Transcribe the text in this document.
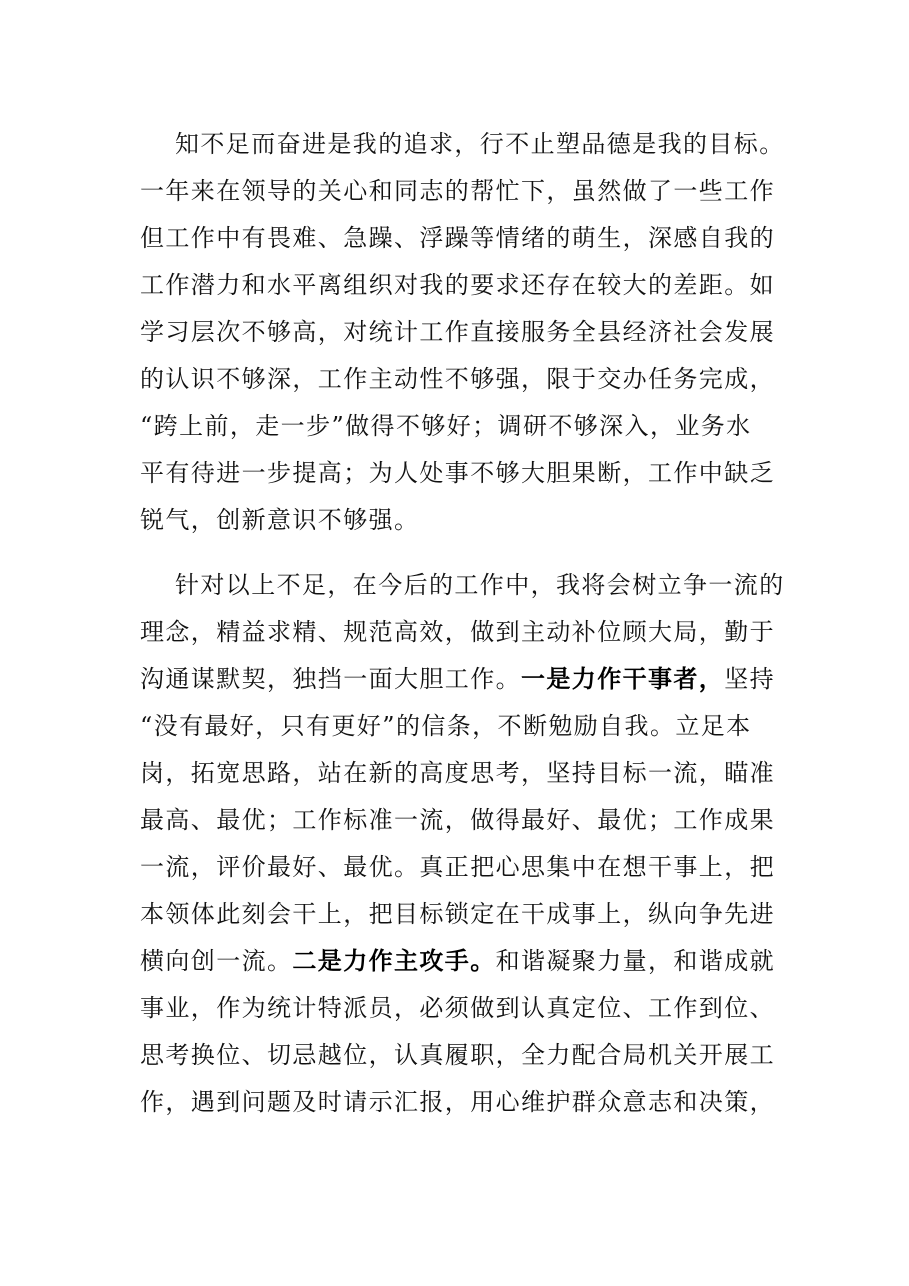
知不足而奋进是我的追求，行不止塑品德是我的目标。
一年来在领导的关心和同志的帮忙下，虽然做了一些工作
但工作中有畏难、急躁、浮躁等情绪的萌生，深感自我的
工作潜力和水平离组织对我的要求还存在较大的差距。如
学习层次不够高，对统计工作直接服务全县经济社会发展
的认识不够深，工作主动性不够强，限于交办任务完成，
“跨上前，走一步”做得不够好；调研不够深入，业务水
平有待进一步提高；为人处事不够大胆果断，工作中缺乏
锐气，创新意识不够强。
针对以上不足，在今后的工作中，我将会树立争一流的
理念，精益求精、规范高效，做到主动补位顾大局，勤于
沟通谋默契，独挡一面大胆工作。一是力作干事者，坚持
“没有最好，只有更好”的信条，不断勉励自我。立足本
岗，拓宽思路，站在新的高度思考，坚持目标一流，瞄准
最高、最优；工作标准一流，做得最好、最优；工作成果
一流，评价最好、最优。真正把心思集中在想干事上，把
本领体此刻会干上，把目标锁定在干成事上，纵向争先进
横向创一流。二是力作主攻手。和谐凝聚力量，和谐成就
事业，作为统计特派员，必须做到认真定位、工作到位、
思考换位、切忌越位，认真履职，全力配合局机关开展工
作，遇到问题及时请示汇报，用心维护群众意志和决策，
